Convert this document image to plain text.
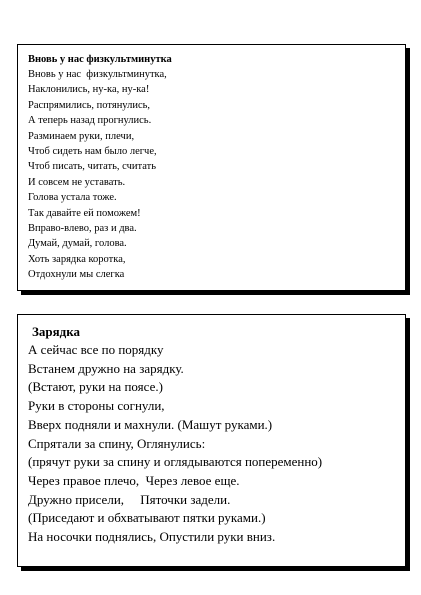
Вновь у нас физкультминутка
Вновь у нас  физкультминутка,
Наклонились, ну-ка, ну-ка!
Распрямились, потянулись,
А теперь назад прогнулись.
Разминаем руки, плечи,
Чтоб сидеть нам было легче,
Чтоб писать, читать, считать
И совсем не уставать.
Голова устала тоже.
Так давайте ей поможем!
Вправо-влево, раз и два.
Думай, думай, голова.
Хоть зарядка коротка,
Отдохнули мы слегка
Зарядка
А сейчас все по порядку
Встанем дружно на зарядку.
(Встают, руки на поясе.)
Руки в стороны согнули,
Вверх подняли и махнули. (Машут руками.)
Спрятали за спину, Оглянулись:
(прячут руки за спину и оглядываются попеременно)
Через правое плечо,  Через левое еще.
Дружно присели,     Пяточки задели.
(Приседают и обхватывают пятки руками.)
На носочки поднялись, Опустили руки вниз.
